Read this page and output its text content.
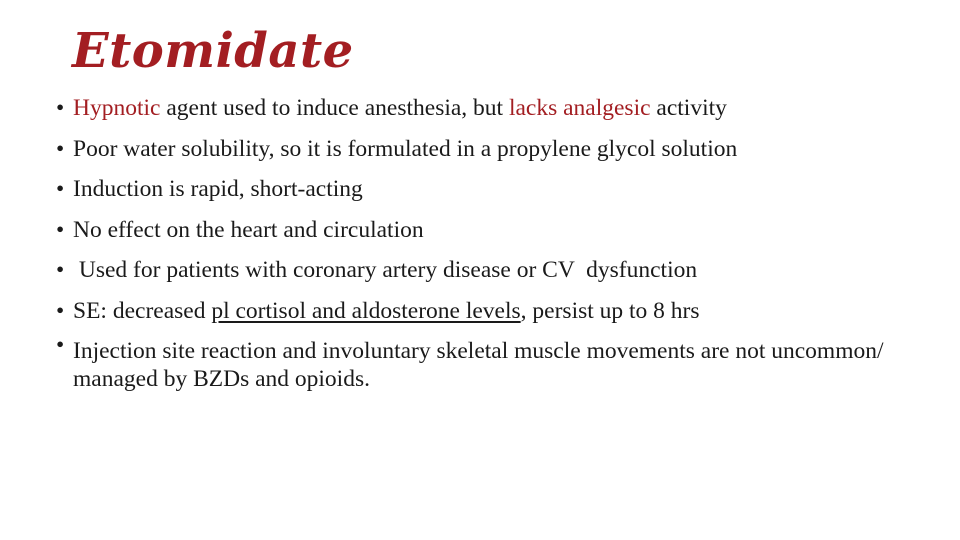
Etomidate
• Hypnotic agent used to induce anesthesia, but lacks analgesic activity
• Poor water solubility, so it is formulated in a propylene glycol solution
• Induction is rapid, short-acting
• No effect on the heart and circulation
• Used for patients with coronary artery disease or CV  dysfunction
• SE: decreased pl cortisol and aldosterone levels, persist up to 8 hrs
• Injection site reaction and involuntary skeletal muscle movements are not uncommon/ managed by BZDs and opioids.
